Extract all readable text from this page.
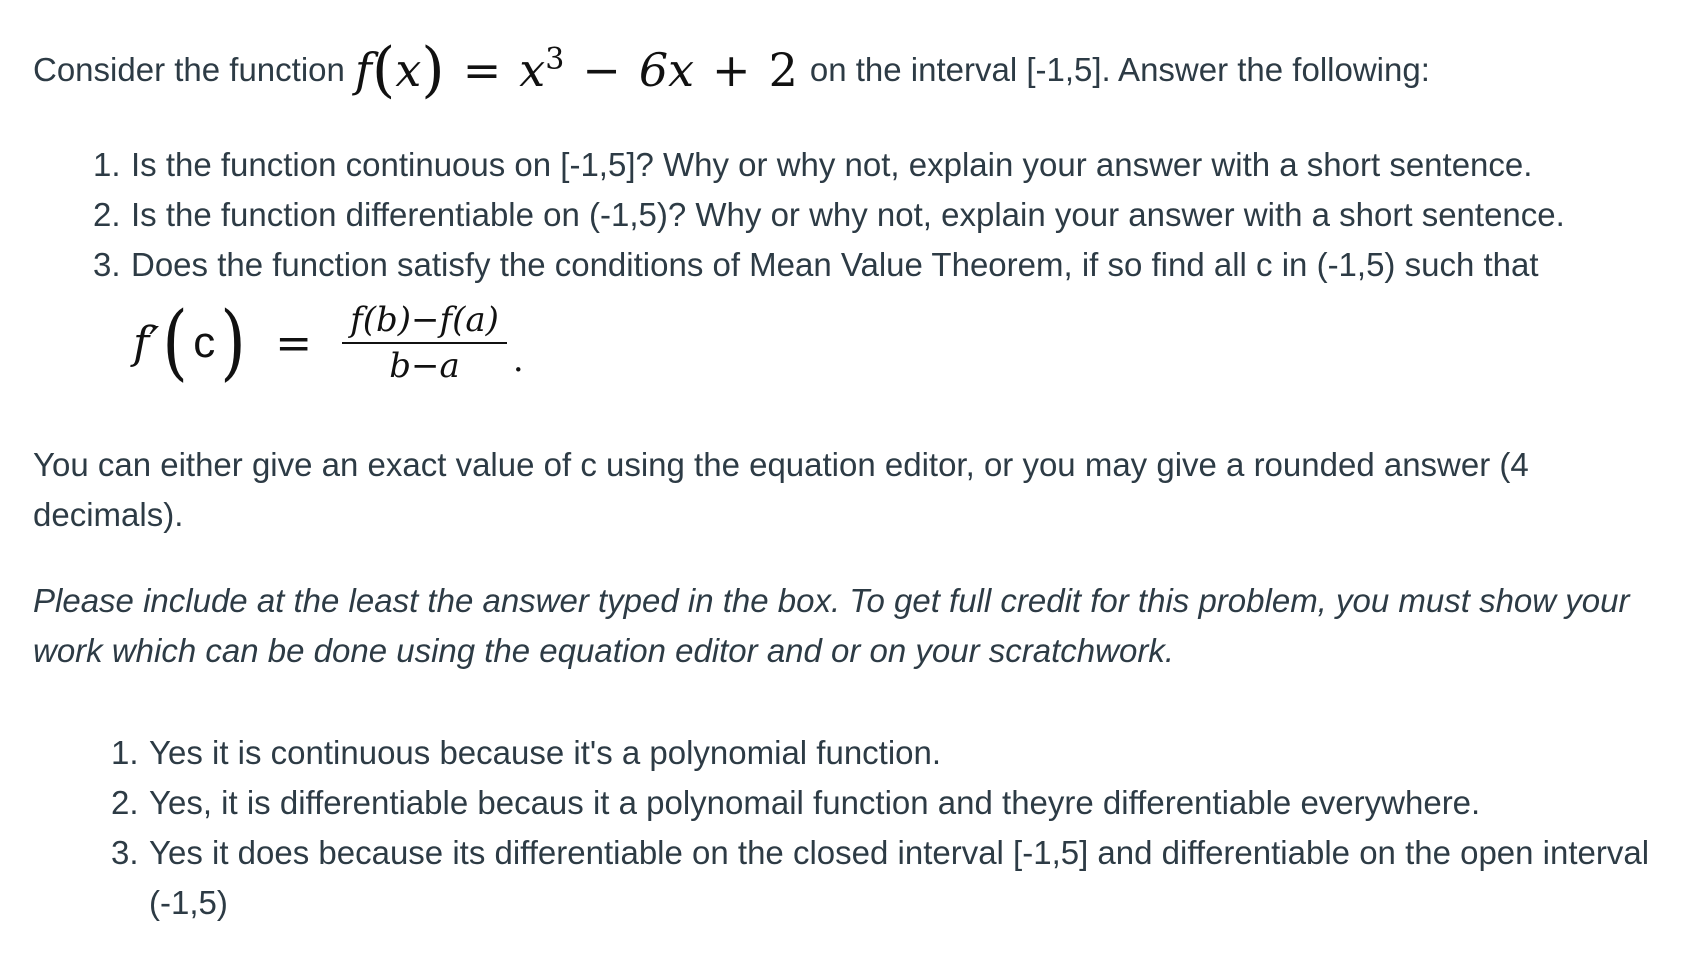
Consider the function f ( x ) = $x^3 - 6x + 2$ on the interval [-1,5]. Answer the following:
1. Is the function continuous on [-1,5]? Why or why not, explain your answer with a short sentence.
2. Is the function differentiable on (-1,5)? Why or why not, explain your answer with a short sentence.
3. Does the function satisfy the conditions of Mean Value Theorem, if so find all c in (-1,5) such that
f′ ( c ) = $\frac{f(b)-f(a)}{b-a}$ .

You can either give an exact value of c using the equation editor, or you may give a rounded answer (4 decimals).

Please include at the least the answer typed in the box. To get full credit for this problem, you must show your work which can be done using the equation editor and or on your scratchwork.

1. Yes it is continuous because it's a polynomial function.
2. Yes, it is differentiable becaus it a polynomail function and theyre differentiable everywhere.
3. Yes it does because its differentiable on the closed interval [-1,5] and differentiable on the open interval (-1,5)
